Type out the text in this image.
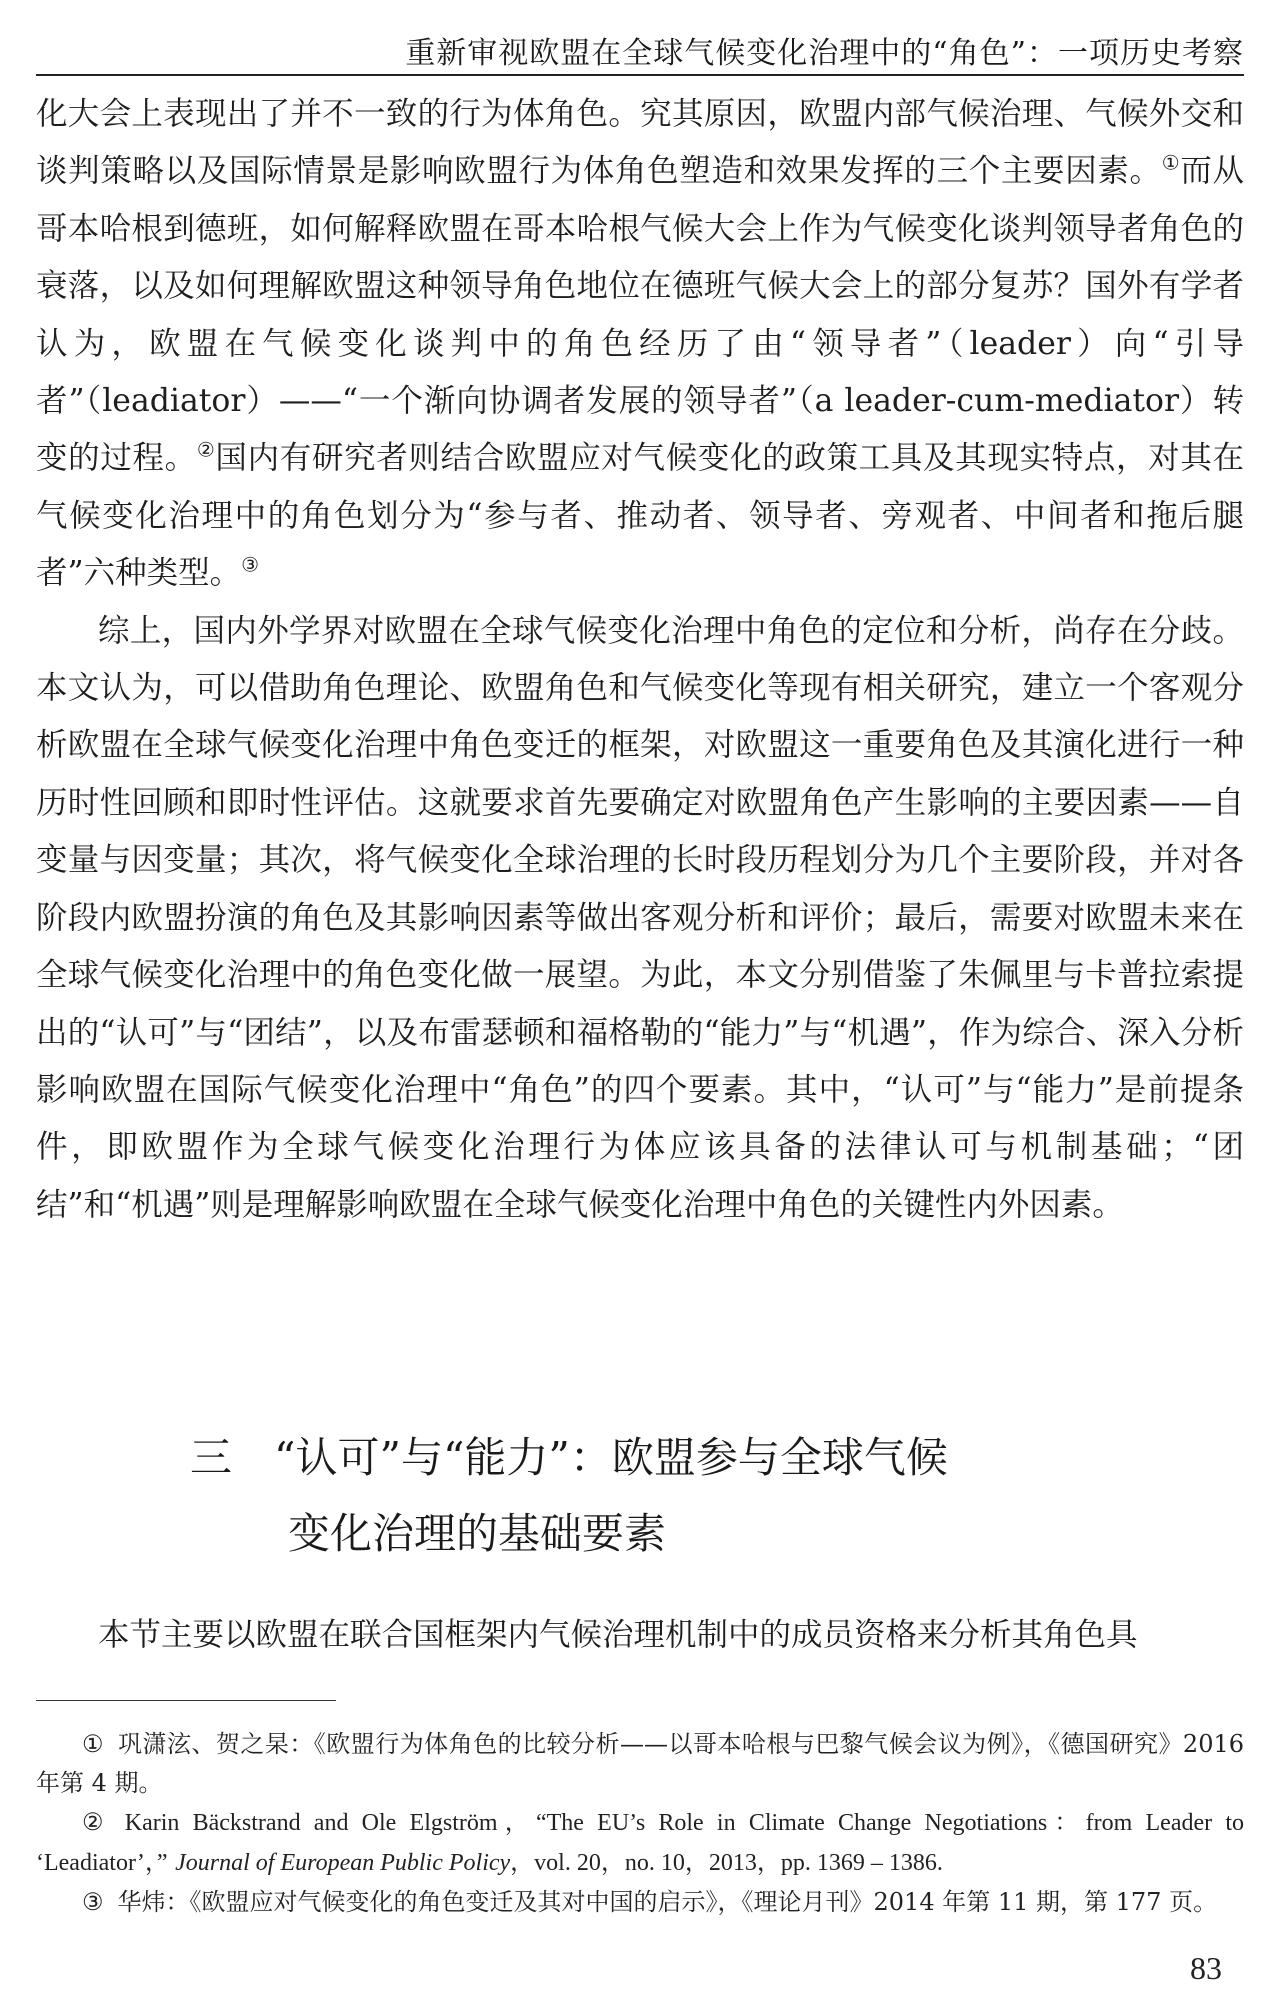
重新审视欧盟在全球气候变化治理中的“角色”：一项历史考察

化大会上表现出了并不一致的行为体角色。究其原因，欧盟内部气候治理、气候外交和谈判策略以及国际情景是影响欧盟行为体角色塑造和效果发挥的三个主要因素。①而从哥本哈根到德班，如何解释欧盟在哥本哈根气候大会上作为气候变化谈判领导者角色的衰落，以及如何理解欧盟这种领导角色地位在德班气候大会上的部分复苏？国外有学者认为，欧盟在气候变化谈判中的角色经历了由“领导者”（leader）向“引导者”（leadiator）——“一个渐向协调者发展的领导者”（a leader-cum-mediator）转变的过程。②国内有研究者则结合欧盟应对气候变化的政策工具及其现实特点，对其在气候变化治理中的角色划分为“参与者、推动者、领导者、旁观者、中间者和拖后腿者”六种类型。③

综上，国内外学界对欧盟在全球气候变化治理中角色的定位和分析，尚存在分歧。本文认为，可以借助角色理论、欧盟角色和气候变化等现有相关研究，建立一个客观分析欧盟在全球气候变化治理中角色变迁的框架，对欧盟这一重要角色及其演化进行一种历时性回顾和即时性评估。这就要求首先要确定对欧盟角色产生影响的主要因素——自变量与因变量；其次，将气候变化全球治理的长时段历程划分为几个主要阶段，并对各阶段内欧盟扮演的角色及其影响因素等做出客观分析和评价；最后，需要对欧盟未来在全球气候变化治理中的角色变化做一展望。为此，本文分别借鉴了朱佩里与卡普拉索提出的“认可”与“团结”，以及布雷瑟顿和福格勒的“能力”与“机遇”，作为综合、深入分析影响欧盟在国际气候变化治理中“角色”的四个要素。其中，“认可”与“能力”是前提条件，即欧盟作为全球气候变化治理行为体应该具备的法律认可与机制基础；“团结”和“机遇”则是理解影响欧盟在全球气候变化治理中角色的关键性内外因素。

三 “认可”与“能力”：欧盟参与全球气候
变化治理的基础要素
本节主要以欧盟在联合国框架内气候治理机制中的成员资格来分析其角色具

① 巩潇泫、贺之杲：《欧盟行为体角色的比较分析——以哥本哈根与巴黎气候会议为例》，《德国研究》2016 年第 4 期。

② Karin Bäckstrand and Ole Elgström，“The EU’s Role in Climate Change Negotiations：from Leader to ‘Leadiator’，” Journal of European Public Policy，vol. 20，no. 10，2013，pp. 1369 – 1386.

③ 华炜：《欧盟应对气候变化的角色变迁及其对中国的启示》，《理论月刊》2014 年第 11 期，第 177 页。

83
